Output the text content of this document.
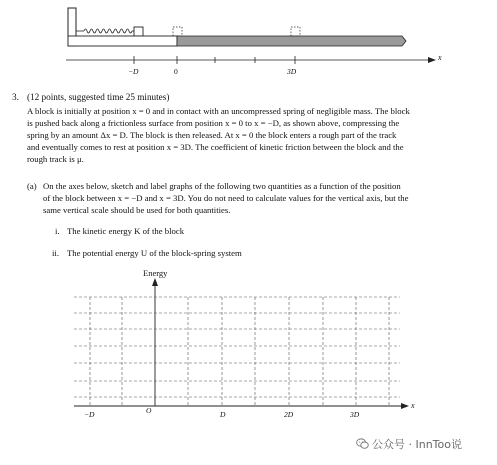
−D	0	3D
x
3. (12 points, suggested time 25 minutes)
A block is initially at position x = 0 and in contact with an uncompressed spring of negligible mass. The block
is pushed back along a frictionless surface from position x = 0 to x = −D, as shown above, compressing the
spring by an amount Δx = D. The block is then released. At x = 0 the block enters a rough part of the track
and eventually comes to rest at position x = 3D. The coefficient of kinetic friction between the block and the
rough track is μ.
(a) On the axes below, sketch and label graphs of the following two quantities as a function of the position
of the block between x = −D and x = 3D. You do not need to calculate values for the vertical axis, but the
same vertical scale should be used for both quantities.
i. The kinetic energy K of the block
ii. The potential energy U of the block-spring system
Energy
x
−D	O	D	2D	3D
公众号 · InnToo说
